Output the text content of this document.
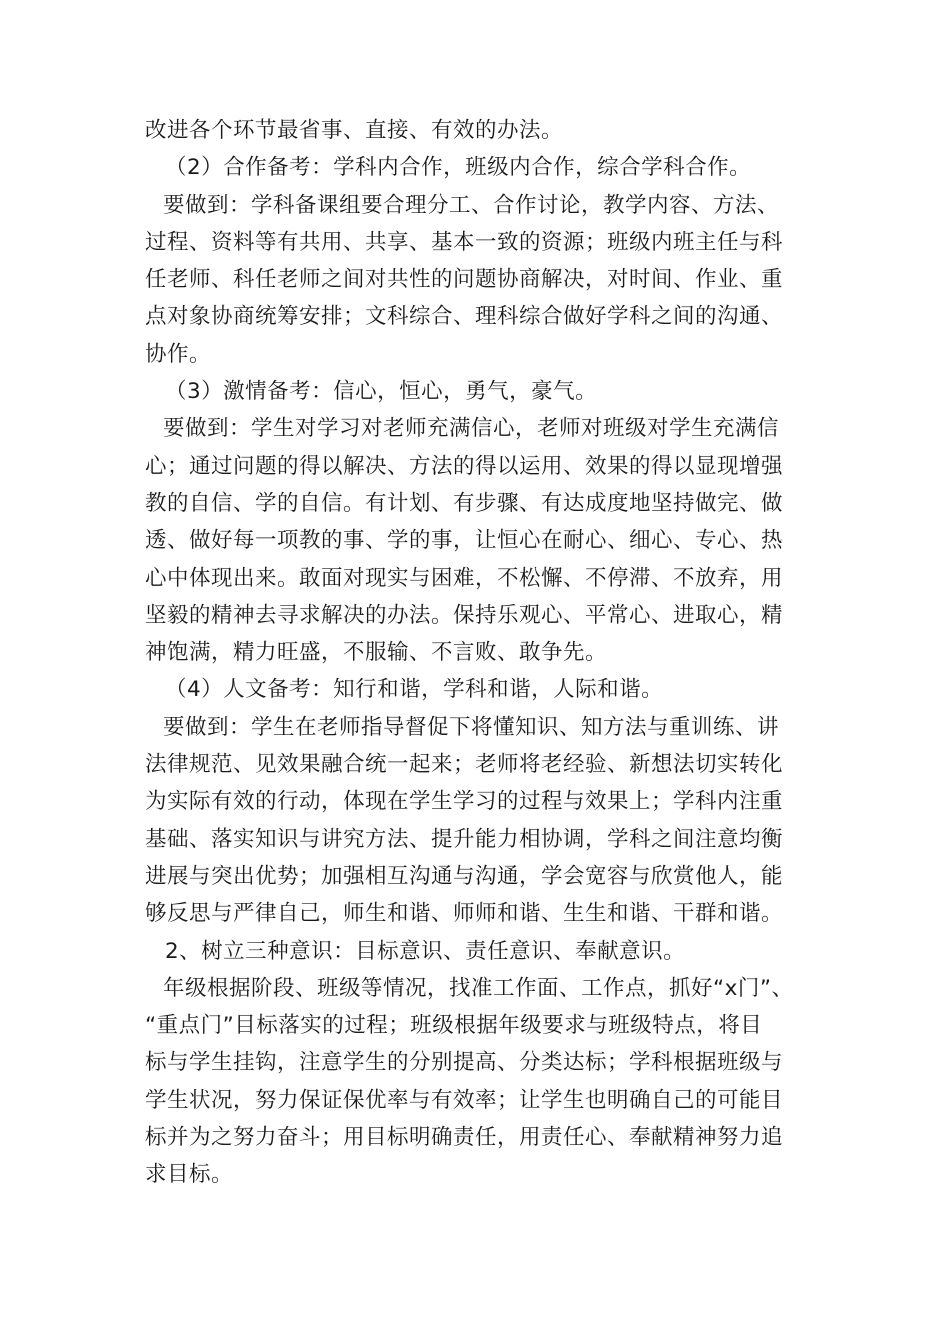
改进各个环节最省事、直接、有效的办法。
（2）合作备考：学科内合作，班级内合作，综合学科合作。
要做到：学科备课组要合理分工、合作讨论，教学内容、方法、
过程、资料等有共用、共享、基本一致的资源；班级内班主任与科
任老师、科任老师之间对共性的问题协商解决，对时间、作业、重
点对象协商统筹安排；文科综合、理科综合做好学科之间的沟通、
协作。
（3）激情备考：信心，恒心，勇气，豪气。
要做到：学生对学习对老师充满信心，老师对班级对学生充满信
心；通过问题的得以解决、方法的得以运用、效果的得以显现增强
教的自信、学的自信。有计划、有步骤、有达成度地坚持做完、做
透、做好每一项教的事、学的事，让恒心在耐心、细心、专心、热
心中体现出来。敢面对现实与困难，不松懈、不停滞、不放弃，用
坚毅的精神去寻求解决的办法。保持乐观心、平常心、进取心，精
神饱满，精力旺盛，不服输、不言败、敢争先。
（4）人文备考：知行和谐，学科和谐，人际和谐。
要做到：学生在老师指导督促下将懂知识、知方法与重训练、讲
法律规范、见效果融合统一起来；老师将老经验、新想法切实转化
为实际有效的行动，体现在学生学习的过程与效果上；学科内注重
基础、落实知识与讲究方法、提升能力相协调，学科之间注意均衡
进展与突出优势；加强相互沟通与沟通，学会宽容与欣赏他人，能
够反思与严律自己，师生和谐、师师和谐、生生和谐、干群和谐。
2、树立三种意识：目标意识、责任意识、奉献意识。
年级根据阶段、班级等情况，找准工作面、工作点，抓好“x门”、
“重点门”目标落实的过程；班级根据年级要求与班级特点，将目
标与学生挂钩，注意学生的分别提高、分类达标；学科根据班级与
学生状况，努力保证保优率与有效率；让学生也明确自己的可能目
标并为之努力奋斗；用目标明确责任，用责任心、奉献精神努力追
求目标。
